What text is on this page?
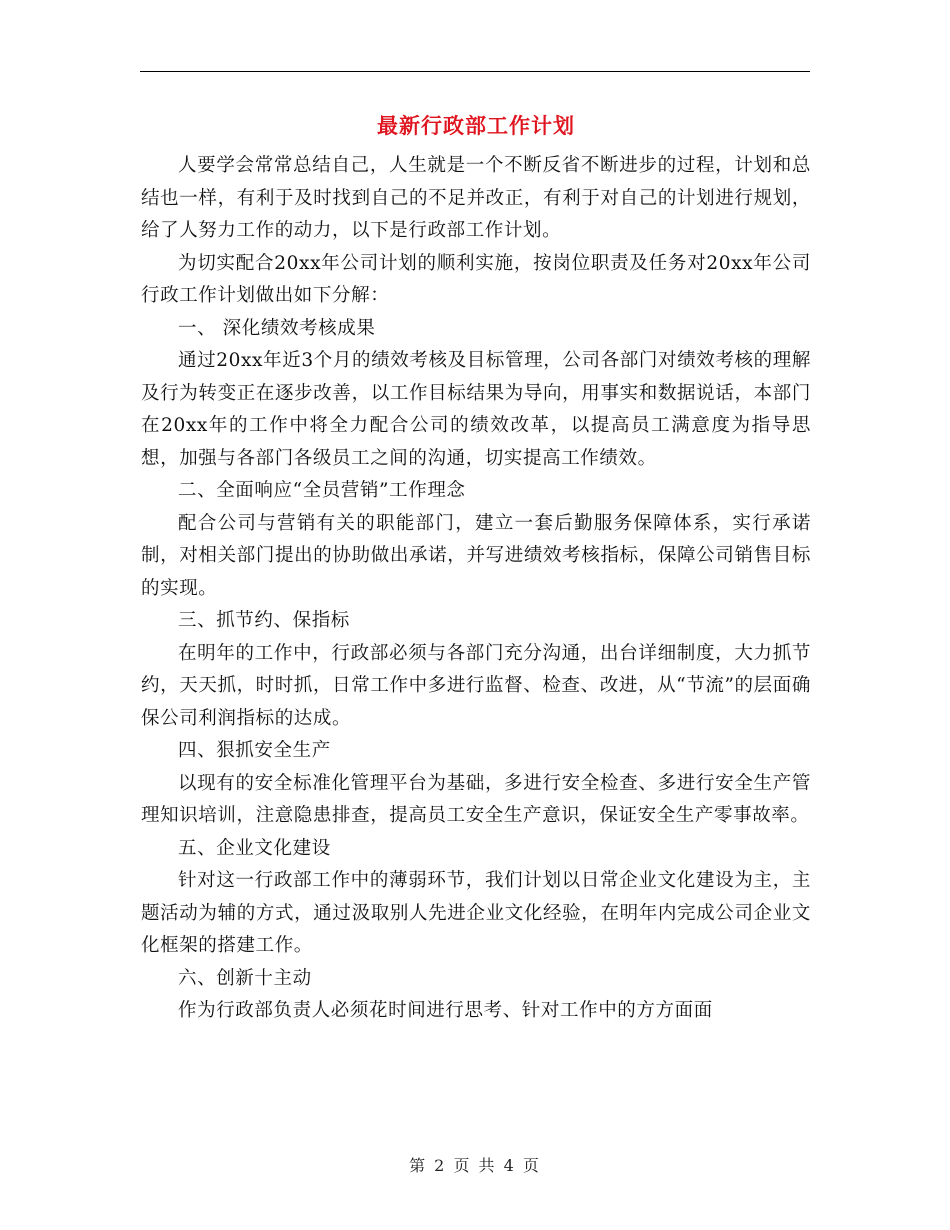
最新行政部工作计划

人要学会常常总结自己，人生就是一个不断反省不断进步的过程，计划和总结也一样，有利于及时找到自己的不足并改正，有利于对自己的计划进行规划，给了人努力工作的动力，以下是行政部工作计划。

为切实配合20xx年公司计划的顺利实施，按岗位职责及任务对20xx年公司行政工作计划做出如下分解：

一、 深化绩效考核成果

通过20xx年近3个月的绩效考核及目标管理，公司各部门对绩效考核的理解及行为转变正在逐步改善，以工作目标结果为导向，用事实和数据说话，本部门在20xx年的工作中将全力配合公司的绩效改革，以提高员工满意度为指导思想，加强与各部门各级员工之间的沟通，切实提高工作绩效。

二、全面响应“全员营销”工作理念

配合公司与营销有关的职能部门，建立一套后勤服务保障体系，实行承诺制，对相关部门提出的协助做出承诺，并写进绩效考核指标，保障公司销售目标的实现。

三、抓节约、保指标

在明年的工作中，行政部必须与各部门充分沟通，出台详细制度，大力抓节约，天天抓，时时抓，日常工作中多进行监督、检查、改进，从“节流”的层面确保公司利润指标的达成。

四、狠抓安全生产

以现有的安全标准化管理平台为基础，多进行安全检查、多进行安全生产管理知识培训，注意隐患排查，提高员工安全生产意识，保证安全生产零事故率。

五、企业文化建设

针对这一行政部工作中的薄弱环节，我们计划以日常企业文化建设为主，主题活动为辅的方式，通过汲取别人先进企业文化经验，在明年内完成公司企业文化框架的搭建工作。

六、创新十主动

作为行政部负责人必须花时间进行思考、针对工作中的方方面面

第 2 页 共 4 页
